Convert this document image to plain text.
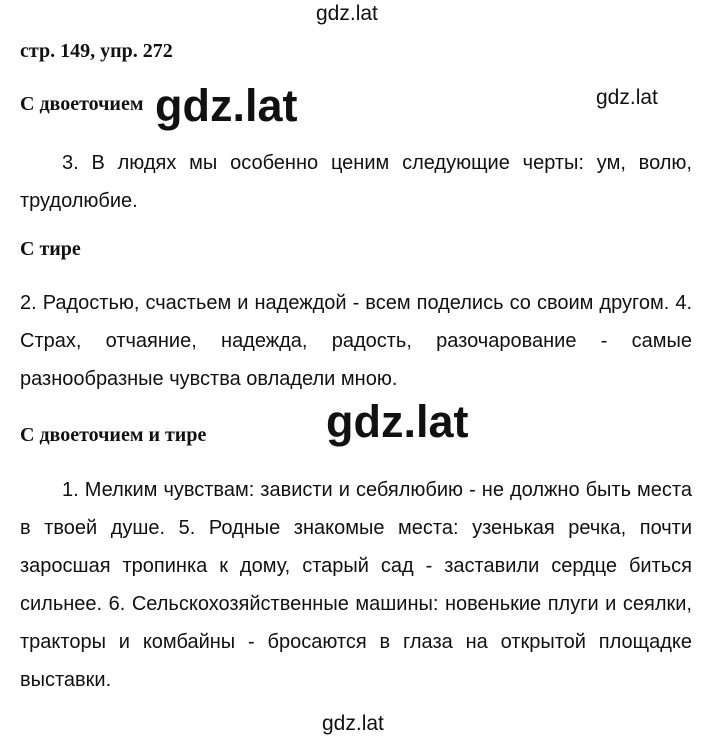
стр. 149, упр. 272
С двоеточием

3. В людях мы особенно ценим следующие черты: ум, волю, трудолюбие.

С тире

2. Радостью, счастьем и надеждой - всем поделись со своим другом. 4. Страх, отчаяние, надежда, радость, разочарование - самые разнообразные чувства овладели мною.

С двоеточием и тире

1. Мелким чувствам: зависти и себялюбию - не должно быть места в твоей душе. 5. Родные знакомые места: узенькая речка, почти заросшая тропинка к дому, старый сад - заставили сердце биться сильнее. 6. Сельскохозяйственные машины: новенькие плуги и сеялки, тракторы и комбайны - бросаются в глаза на открытой площадке выставки.

gdz.lat
gdz.lat	gdz.lat
gdz.lat
gdz.lat
